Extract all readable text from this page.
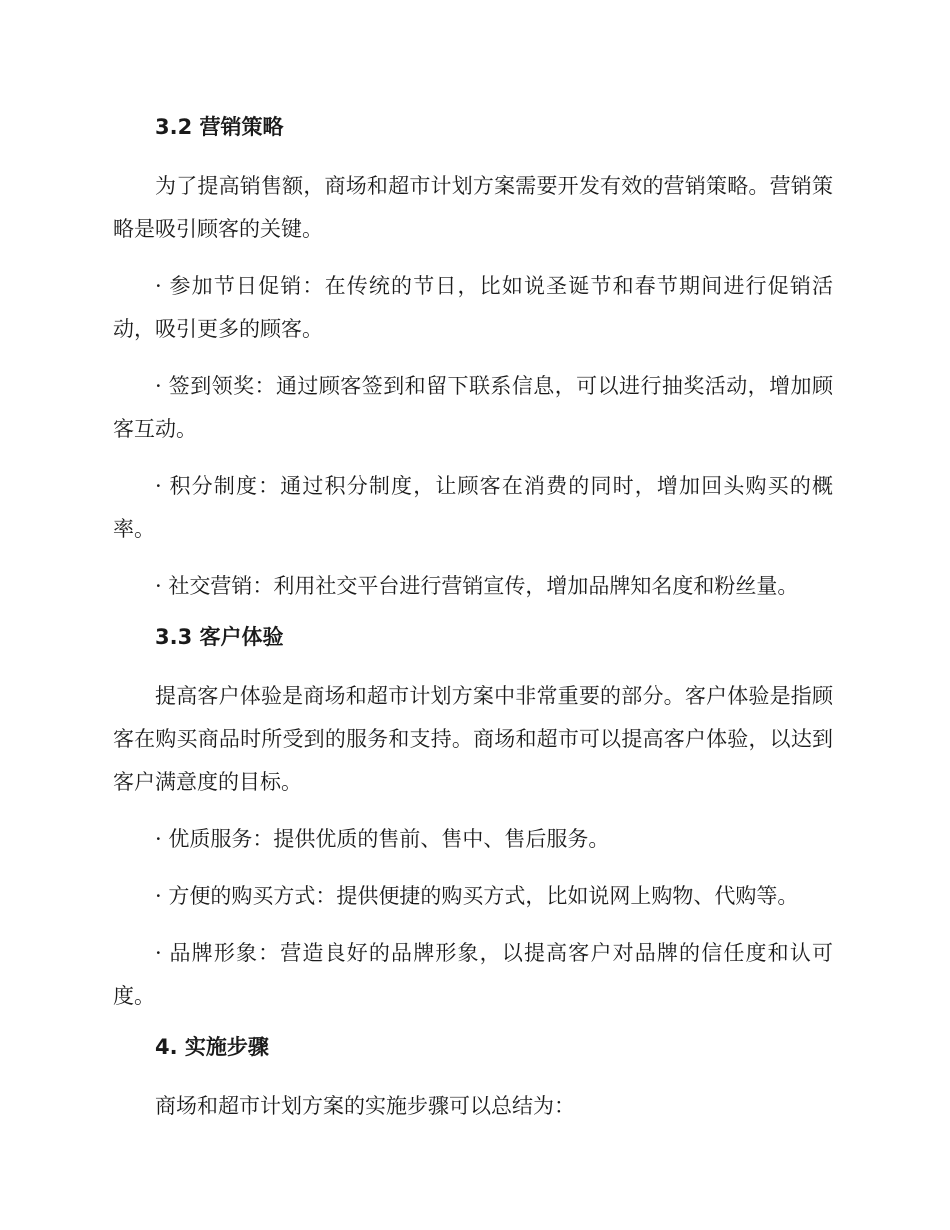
3.2 营销策略

为了提高销售额，商场和超市计划方案需要开发有效的营销策略。营销策略是吸引顾客的关键。

· 参加节日促销：在传统的节日，比如说圣诞节和春节期间进行促销活动，吸引更多的顾客。

· 签到领奖：通过顾客签到和留下联系信息，可以进行抽奖活动，增加顾客互动。

· 积分制度：通过积分制度，让顾客在消费的同时，增加回头购买的概率。

· 社交营销：利用社交平台进行营销宣传，增加品牌知名度和粉丝量。

3.3 客户体验

提高客户体验是商场和超市计划方案中非常重要的部分。客户体验是指顾客在购买商品时所受到的服务和支持。商场和超市可以提高客户体验，以达到客户满意度的目标。

· 优质服务：提供优质的售前、售中、售后服务。

· 方便的购买方式：提供便捷的购买方式，比如说网上购物、代购等。

· 品牌形象：营造良好的品牌形象，以提高客户对品牌的信任度和认可度。

4. 实施步骤

商场和超市计划方案的实施步骤可以总结为：
